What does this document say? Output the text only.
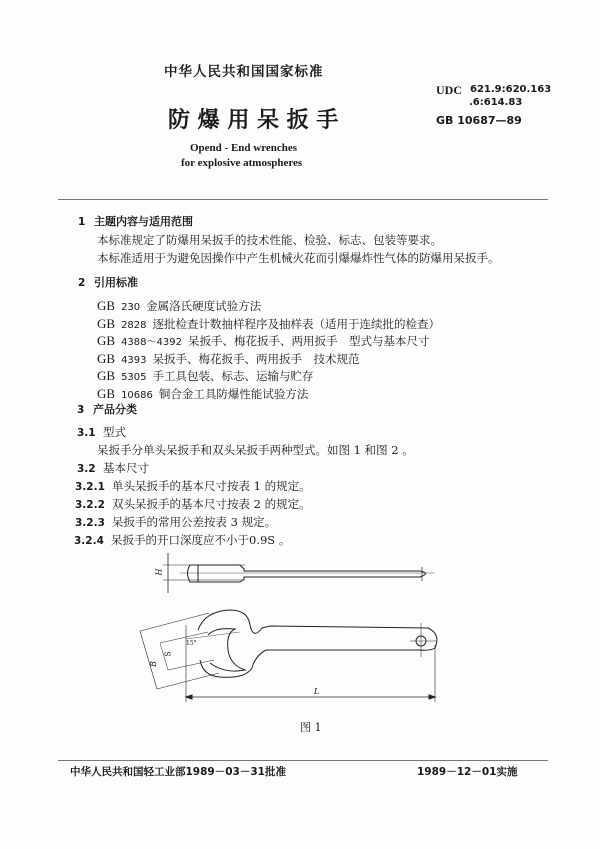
中华人民共和国国家标准
防 爆 用 呆 扳 手
Opend - End wrenches
for explosive atmospheres
UDC 621.9:620.163
.6:614.83
GB 10687—89
1 主题内容与适用范围
本标准规定了防爆用呆扳手的技术性能、检验、标志、包装等要求。
本标准适用于为避免因操作中产生机械火花而引爆爆炸性气体的防爆用呆扳手。
2 引用标准
GB 230 金属洛氏硬度试验方法
GB 2828 逐批检查计数抽样程序及抽样表（适用于连续批的检查）
GB 4388～4392 呆扳手、梅花扳手、两用扳手　型式与基本尺寸
GB 4393 呆扳手、梅花扳手、两用扳手　技术规范
GB 5305 手工具包装、标志、运输与贮存
GB 10686 铜合金工具防爆性能试验方法
3 产品分类
3.1 型式
呆扳手分单头呆扳手和双头呆扳手两种型式。如图 1 和图 2 。
3.2 基本尺寸
3.2.1 单头呆扳手的基本尺寸按表 1 的规定。
3.2.2 双头呆扳手的基本尺寸按表 2 的规定。
3.2.3 呆扳手的常用公差按表 3 规定。
3.2.4 呆扳手的开口深度应不小于0.9S 。
H
S
B
15°
L
图 1
中华人民共和国轻工业部1989－03－31批准	1989－12－01实施
